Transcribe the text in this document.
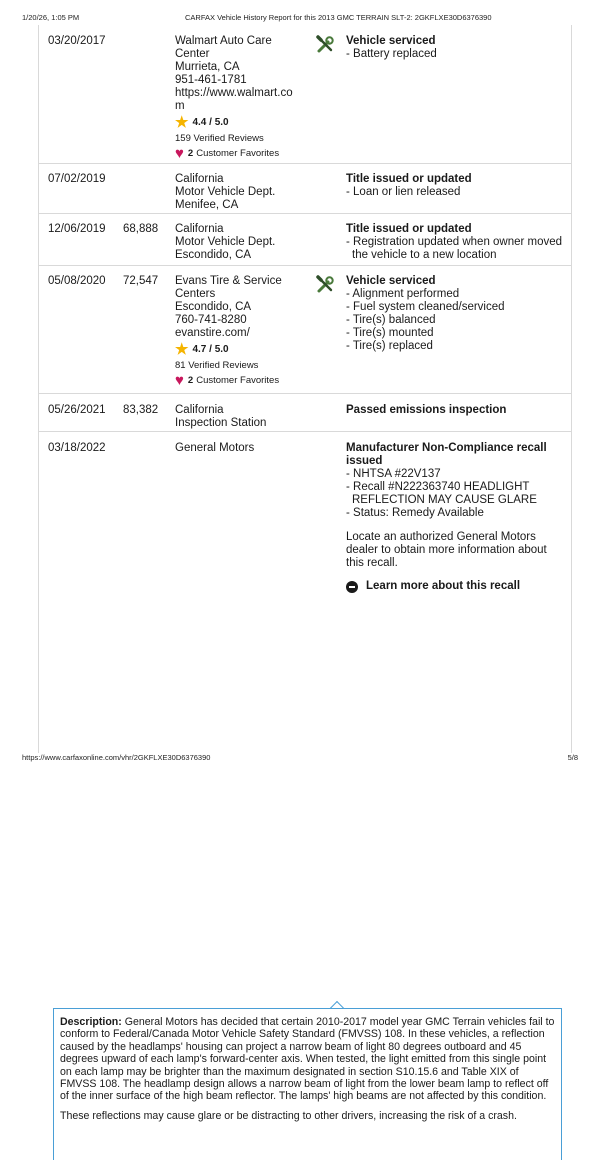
1/20/26, 1:05 PM	CARFAX Vehicle History Report for this 2013 GMC TERRAIN SLT-2: 2GKFLXE30D6376390
03/20/2017	Walmart Auto Care
Center
Murrieta, CA
951-461-1781
https://www.walmart.co
m
★ 4.4 / 5.0
159 Verified Reviews
♥ 2 Customer Favorites
Vehicle serviced
- Battery replaced
07/02/2019	California
Motor Vehicle Dept.
Menifee, CA
Title issued or updated
- Loan or lien released
12/06/2019 68,888 California
Motor Vehicle Dept.
Escondido, CA
Title issued or updated
- Registration updated when owner moved the vehicle to a new location
05/08/2020 72,547 Evans Tire & Service
Centers
Escondido, CA
760-741-8280
evanstire.com/
★ 4.7 / 5.0
81 Verified Reviews
♥ 2 Customer Favorites
Vehicle serviced
- Alignment performed
- Fuel system cleaned/serviced
- Tire(s) balanced
- Tire(s) mounted
- Tire(s) replaced
05/26/2021 83,382 California
Inspection Station
Passed emissions inspection
03/18/2022	General Motors	Manufacturer Non-Compliance recall issued
- NHTSA #22V137
- Recall #N222363740 HEADLIGHT REFLECTION MAY CAUSE GLARE
- Status: Remedy Available
Locate an authorized General Motors dealer to obtain more information about this recall.
Learn more about this recall

Description: General Motors has decided that certain 2010-2017 model year GMC Terrain vehicles fail to conform to Federal/Canada Motor Vehicle Safety Standard (FMVSS) 108. In these vehicles, a reflection caused by the headlamps' housing can project a narrow beam of light 80 degrees outboard and 45 degrees upward of each lamp's forward-center axis. When tested, the light emitted from this single point on each lamp may be brighter than the maximum designated in section S10.15.6 and Table XIX of FMVSS 108. The headlamp design allows a narrow beam of light from the lower beam lamp to reflect off of the inner surface of the high beam reflector. The lamps' high beams are not affected by this condition.

These reflections may cause glare or be distracting to other drivers, increasing the risk of a crash.

https://www.carfaxonline.com/vhr/2GKFLXE30D6376390	5/8
